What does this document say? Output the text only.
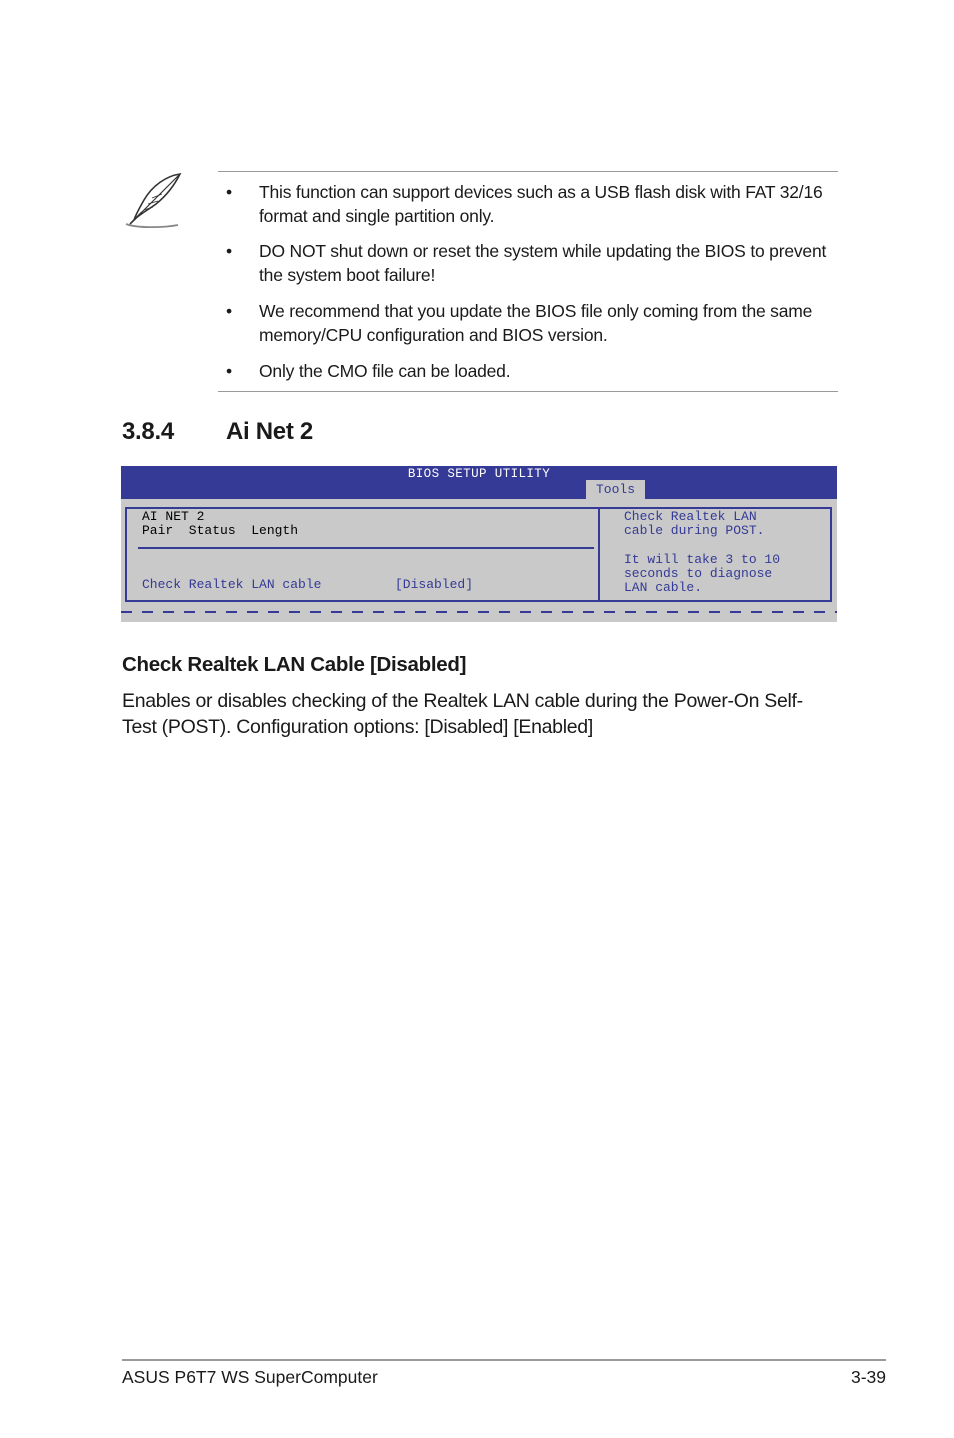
• This function can support devices such as a USB flash disk with FAT 32/16 format and single partition only.
• DO NOT shut down or reset the system while updating the BIOS to prevent the system boot failure!
• We recommend that you update the BIOS file only coming from the same memory/CPU configuration and BIOS version.
• Only the CMO file can be loaded.
3.8.4 Ai Net 2
BIOS SETUP UTILITY
Tools
AI NET 2
Pair  Status  Length
Check Realtek LAN cable	[Disabled]
Check Realtek LAN
cable during POST.
It will take 3 to 10
seconds to diagnose
LAN cable.
Check Realtek LAN Cable [Disabled]
Enables or disables checking of the Realtek LAN cable during the Power-On Self-Test (POST). Configuration options: [Disabled] [Enabled]
ASUS P6T7 WS SuperComputer	3-39
